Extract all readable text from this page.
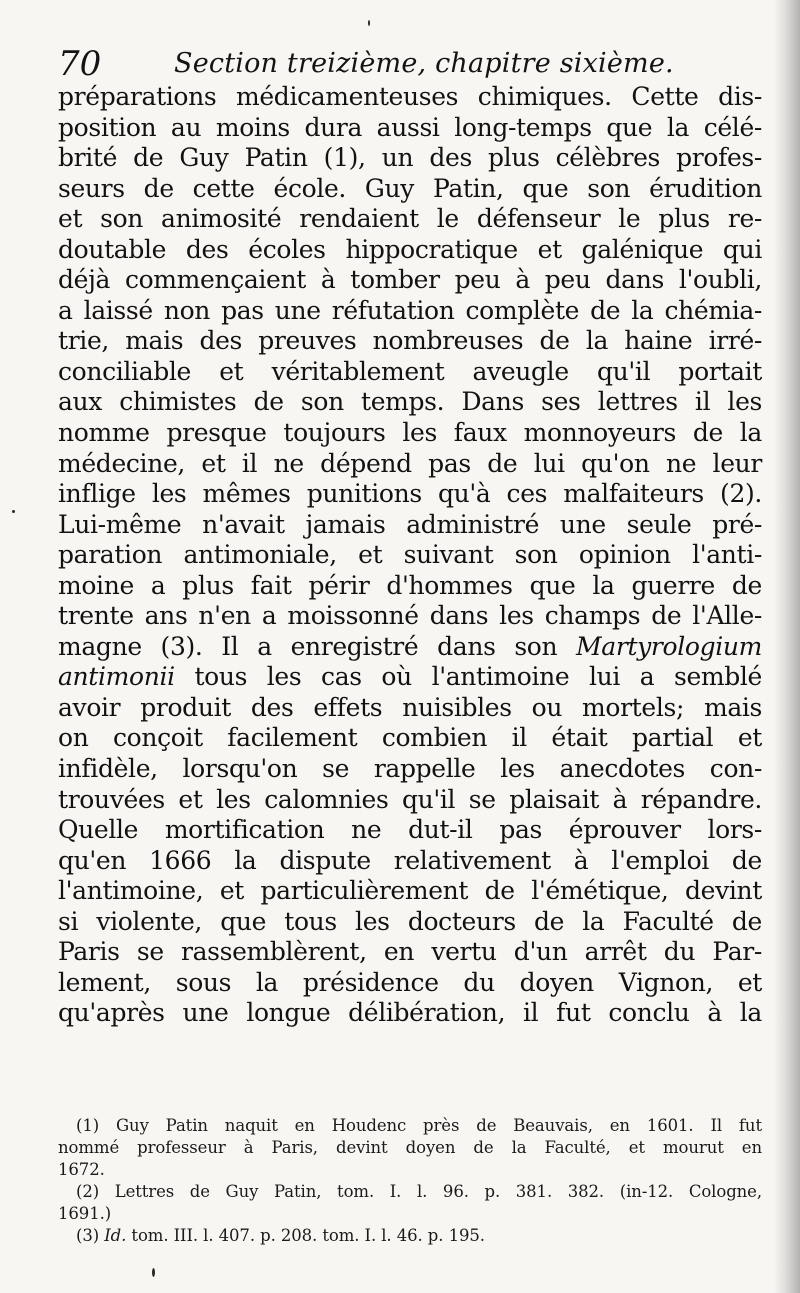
70	Section treizième, chapitre sixième.
préparations médicamenteuses chimiques. Cette dis-
position au moins dura aussi long-temps que la célé-
brité de Guy Patin (1), un des plus célèbres profes-
seurs de cette école. Guy Patin, que son érudition
et son animosité rendaient le défenseur le plus re-
doutable des écoles hippocratique et galénique qui
déjà commençaient à tomber peu à peu dans l'oubli,
a laissé non pas une réfutation complète de la chémia-
trie, mais des preuves nombreuses de la haine irré-
conciliable et véritablement aveugle qu'il portait
aux chimistes de son temps. Dans ses lettres il les
nomme presque toujours les faux monnoyeurs de la
médecine, et il ne dépend pas de lui qu'on ne leur
inflige les mêmes punitions qu'à ces malfaiteurs (2).
Lui-même n'avait jamais administré une seule pré-
paration antimoniale, et suivant son opinion l'anti-
moine a plus fait périr d'hommes que la guerre de
trente ans n'en a moissonné dans les champs de l'Alle-
magne (3). Il a enregistré dans son Martyrologium
antimonii tous les cas où l'antimoine lui a semblé
avoir produit des effets nuisibles ou mortels; mais
on conçoit facilement combien il était partial et
infidèle, lorsqu'on se rappelle les anecdotes con-
trouvées et les calomnies qu'il se plaisait à répandre.
Quelle mortification ne dut-il pas éprouver lors-
qu'en 1666 la dispute relativement à l'emploi de
l'antimoine, et particulièrement de l'émétique, devint
si violente, que tous les docteurs de la Faculté de
Paris se rassemblèrent, en vertu d'un arrêt du Par-
lement, sous la présidence du doyen Vignon, et
qu'après une longue délibération, il fut conclu à la
(1) Guy Patin naquit en Houdenc près de Beauvais, en 1601. Il fut
nommé professeur à Paris, devint doyen de la Faculté, et mourut en
1672.
(2) Lettres de Guy Patin, tom. I. l. 96. p. 381. 382. (in-12. Cologne,
1691.)
(3) Id. tom. III. l. 407. p. 208. tom. I. l. 46. p. 195.
